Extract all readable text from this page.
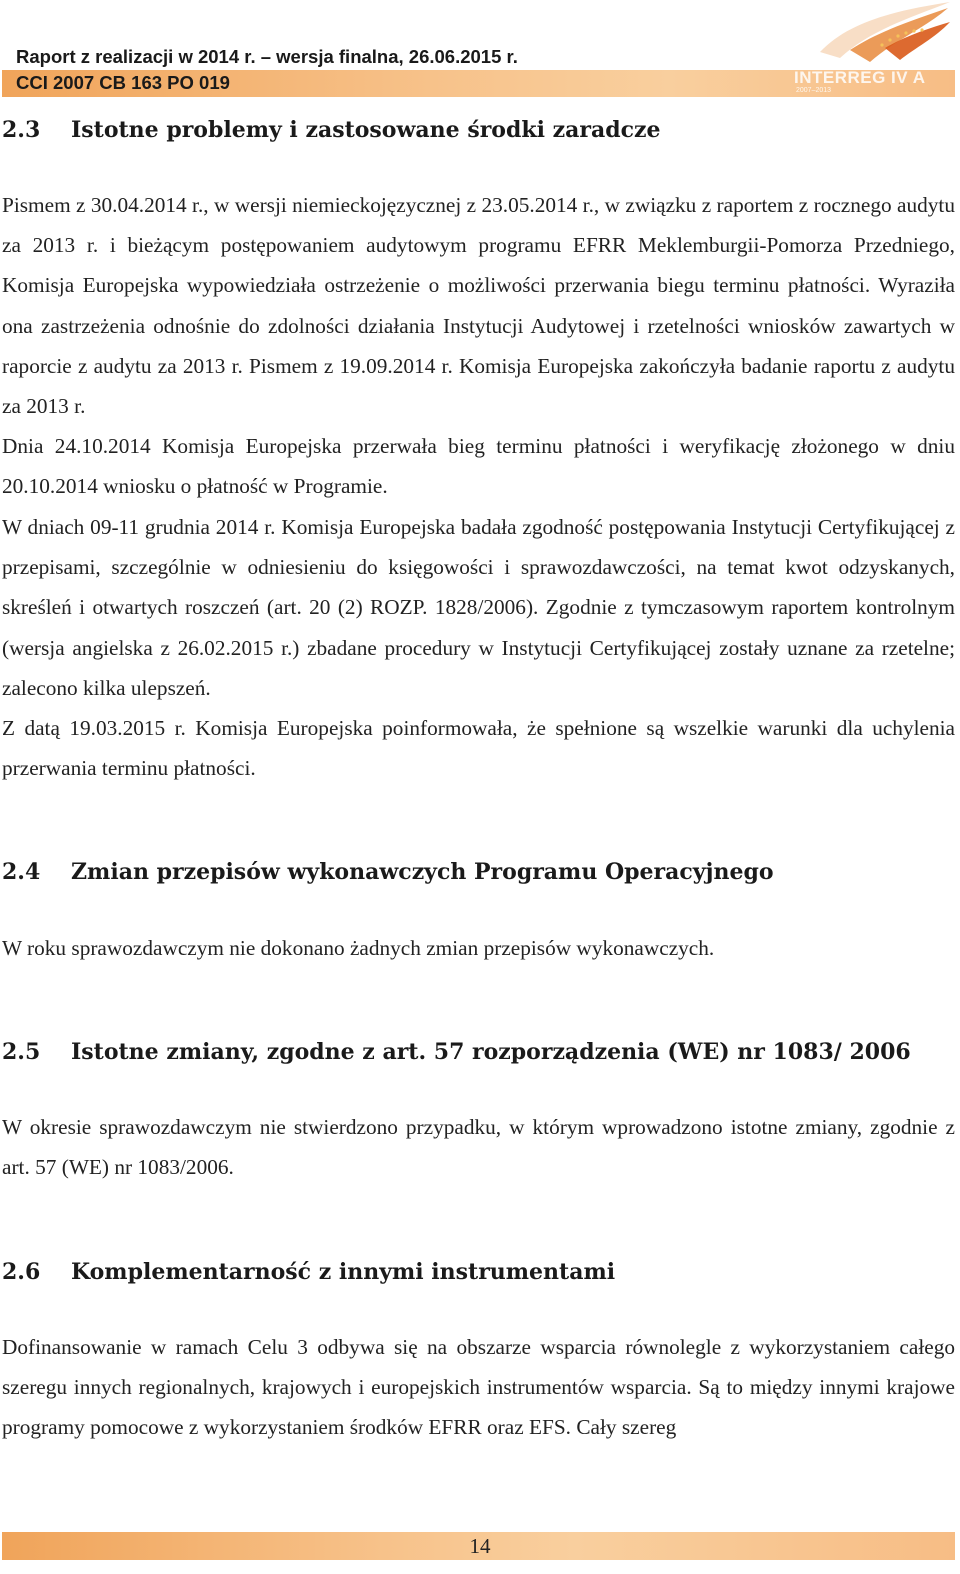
Raport z realizacji w 2014 r. – wersja finalna, 26.06.2015 r.
CCI 2007 CB 163 PO 019	INTERREG IV A
2007–2013
2.3 Istotne problemy i zastosowane środki zaradcze
Pismem z 30.04.2014 r., w wersji niemieckojęzycznej z 23.05.2014 r., w związku z raportem z rocznego audytu za 2013 r. i bieżącym postępowaniem audytowym programu EFRR Meklemburgii-Pomorza Przedniego, Komisja Europejska wypowiedziała ostrzeżenie o możliwości przerwania biegu terminu płatności. Wyraziła ona zastrzeżenia odnośnie do zdolności działania Instytucji Audytowej i rzetelności wniosków zawartych w raporcie z audytu za 2013 r. Pismem z 19.09.2014 r. Komisja Europejska zakończyła badanie raportu z audytu za 2013 r.
Dnia 24.10.2014 Komisja Europejska przerwała bieg terminu płatności i weryfikację złożonego w dniu 20.10.2014 wniosku o płatność w Programie.
W dniach 09-11 grudnia 2014 r. Komisja Europejska badała zgodność postępowania Instytucji Certyfikującej z przepisami, szczególnie w odniesieniu do księgowości i sprawozdawczości, na temat kwot odzyskanych, skreśleń i otwartych roszczeń (art. 20 (2) ROZP. 1828/2006). Zgodnie z tymczasowym raportem kontrolnym (wersja angielska z 26.02.2015 r.) zbadane procedury w Instytucji Certyfikującej zostały uznane za rzetelne; zalecono kilka ulepszeń.
Z datą 19.03.2015 r. Komisja Europejska poinformowała, że spełnione są wszelkie warunki dla uchylenia przerwania terminu płatności.
2.4 Zmian przepisów wykonawczych Programu Operacyjnego
W roku sprawozdawczym nie dokonano żadnych zmian przepisów wykonawczych.
2.5 Istotne zmiany, zgodne z art. 57 rozporządzenia (WE) nr 1083/ 2006
W okresie sprawozdawczym nie stwierdzono przypadku, w którym wprowadzono istotne zmiany, zgodnie z art. 57 (WE) nr 1083/2006.
2.6 Komplementarność z innymi instrumentami
Dofinansowanie w ramach Celu 3 odbywa się na obszarze wsparcia równolegle z wykorzystaniem całego szeregu innych regionalnych, krajowych i europejskich instrumentów wsparcia. Są to między innymi krajowe programy pomocowe z wykorzystaniem środków EFRR oraz EFS. Cały szereg
14
